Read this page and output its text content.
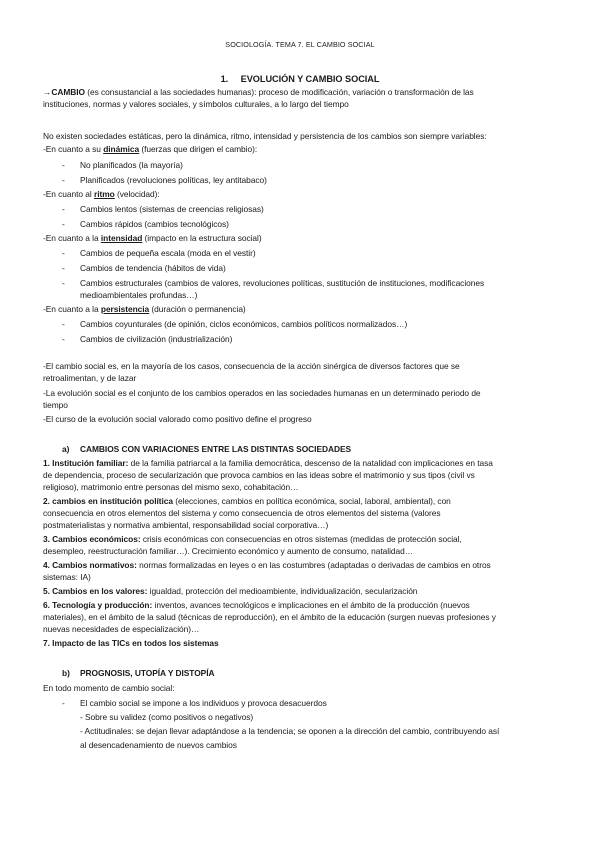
SOCIOLOGÍA. TEMA 7. EL CAMBIO SOCIAL
1. EVOLUCIÓN Y CAMBIO SOCIAL
→CAMBIO (es consustancial a las sociedades humanas): proceso de modificación, variación o transformación de las
instituciones, normas y valores sociales, y símbolos culturales, a lo largo del tiempo
No existen sociedades estáticas, pero la dinámica, ritmo, intensidad y persistencia de los cambios son siempre variables:
-En cuanto a su dinámica (fuerzas que dirigen el cambio):
- No planificados (la mayoría)
- Planificados (revoluciones políticas, ley antitabaco)
-En cuanto al ritmo (velocidad):
- Cambios lentos (sistemas de creencias religiosas)
- Cambios rápidos (cambios tecnológicos)
-En cuanto a la intensidad (impacto en la estructura social)
- Cambios de pequeña escala (moda en el vestir)
- Cambios de tendencia (hábitos de vida)
- Cambios estructurales (cambios de valores, revoluciones políticas, sustitución de instituciones, modificaciones
medioambientales profundas…)
-En cuanto a la persistencia (duración o permanencia)
- Cambios coyunturales (de opinión, ciclos económicos, cambios políticos normalizados…)
- Cambios de civilización (industrialización)
-El cambio social es, en la mayoría de los casos, consecuencia de la acción sinérgica de diversos factores que se
retroalimentan, y de lazar
-La evolución social es el conjunto de los cambios operados en las sociedades humanas en un determinado periodo de
tiempo
-El curso de la evolución social valorado como positivo define el progreso
a) CAMBIOS CON VARIACIONES ENTRE LAS DISTINTAS SOCIEDADES
1. Institución familiar: de la familia patriarcal a la familia democrática, descenso de la natalidad con implicaciones en tasa
de dependencia, proceso de secularización que provoca cambios en las ideas sobre el matrimonio y sus tipos (civil vs
religioso), matrimonio entre personas del mismo sexo, cohabitación…
2. cambios en institución política (elecciones, cambios en política económica, social, laboral, ambiental), con
consecuencia en otros elementos del sistema y como consecuencia de otros elementos del sistema (valores
postmaterialistas y normativa ambiental, responsabilidad social corporativa…)
3. Cambios económicos: crisis económicas con consecuencias en otros sistemas (medidas de protección social,
desempleo, reestructuración familiar…). Crecimiento económico y aumento de consumo, natalidad…
4. Cambios normativos: normas formalizadas en leyes o en las costumbres (adaptadas o derivadas de cambios en otros
sistemas: IA)
5. Cambios en los valores: igualdad, protección del medioambiente, individualización, secularización
6. Tecnología y producción: inventos, avances tecnológicos e implicaciones en el ámbito de la producción (nuevos
materiales), en el ámbito de la salud (técnicas de reproducción), en el ámbito de la educación (surgen nuevas profesiones y
nuevas necesidades de especialización)…
7. Impacto de las TICs en todos los sistemas
b) PROGNOSIS, UTOPÍA Y DISTOPÍA
En todo momento de cambio social:
- El cambio social se impone a los individuos y provoca desacuerdos
- Sobre su validez (como positivos o negativos)
- Actitudinales: se dejan llevar adaptándose a la tendencia; se oponen a la dirección del cambio, contribuyendo así
al desencadenamiento de nuevos cambios
